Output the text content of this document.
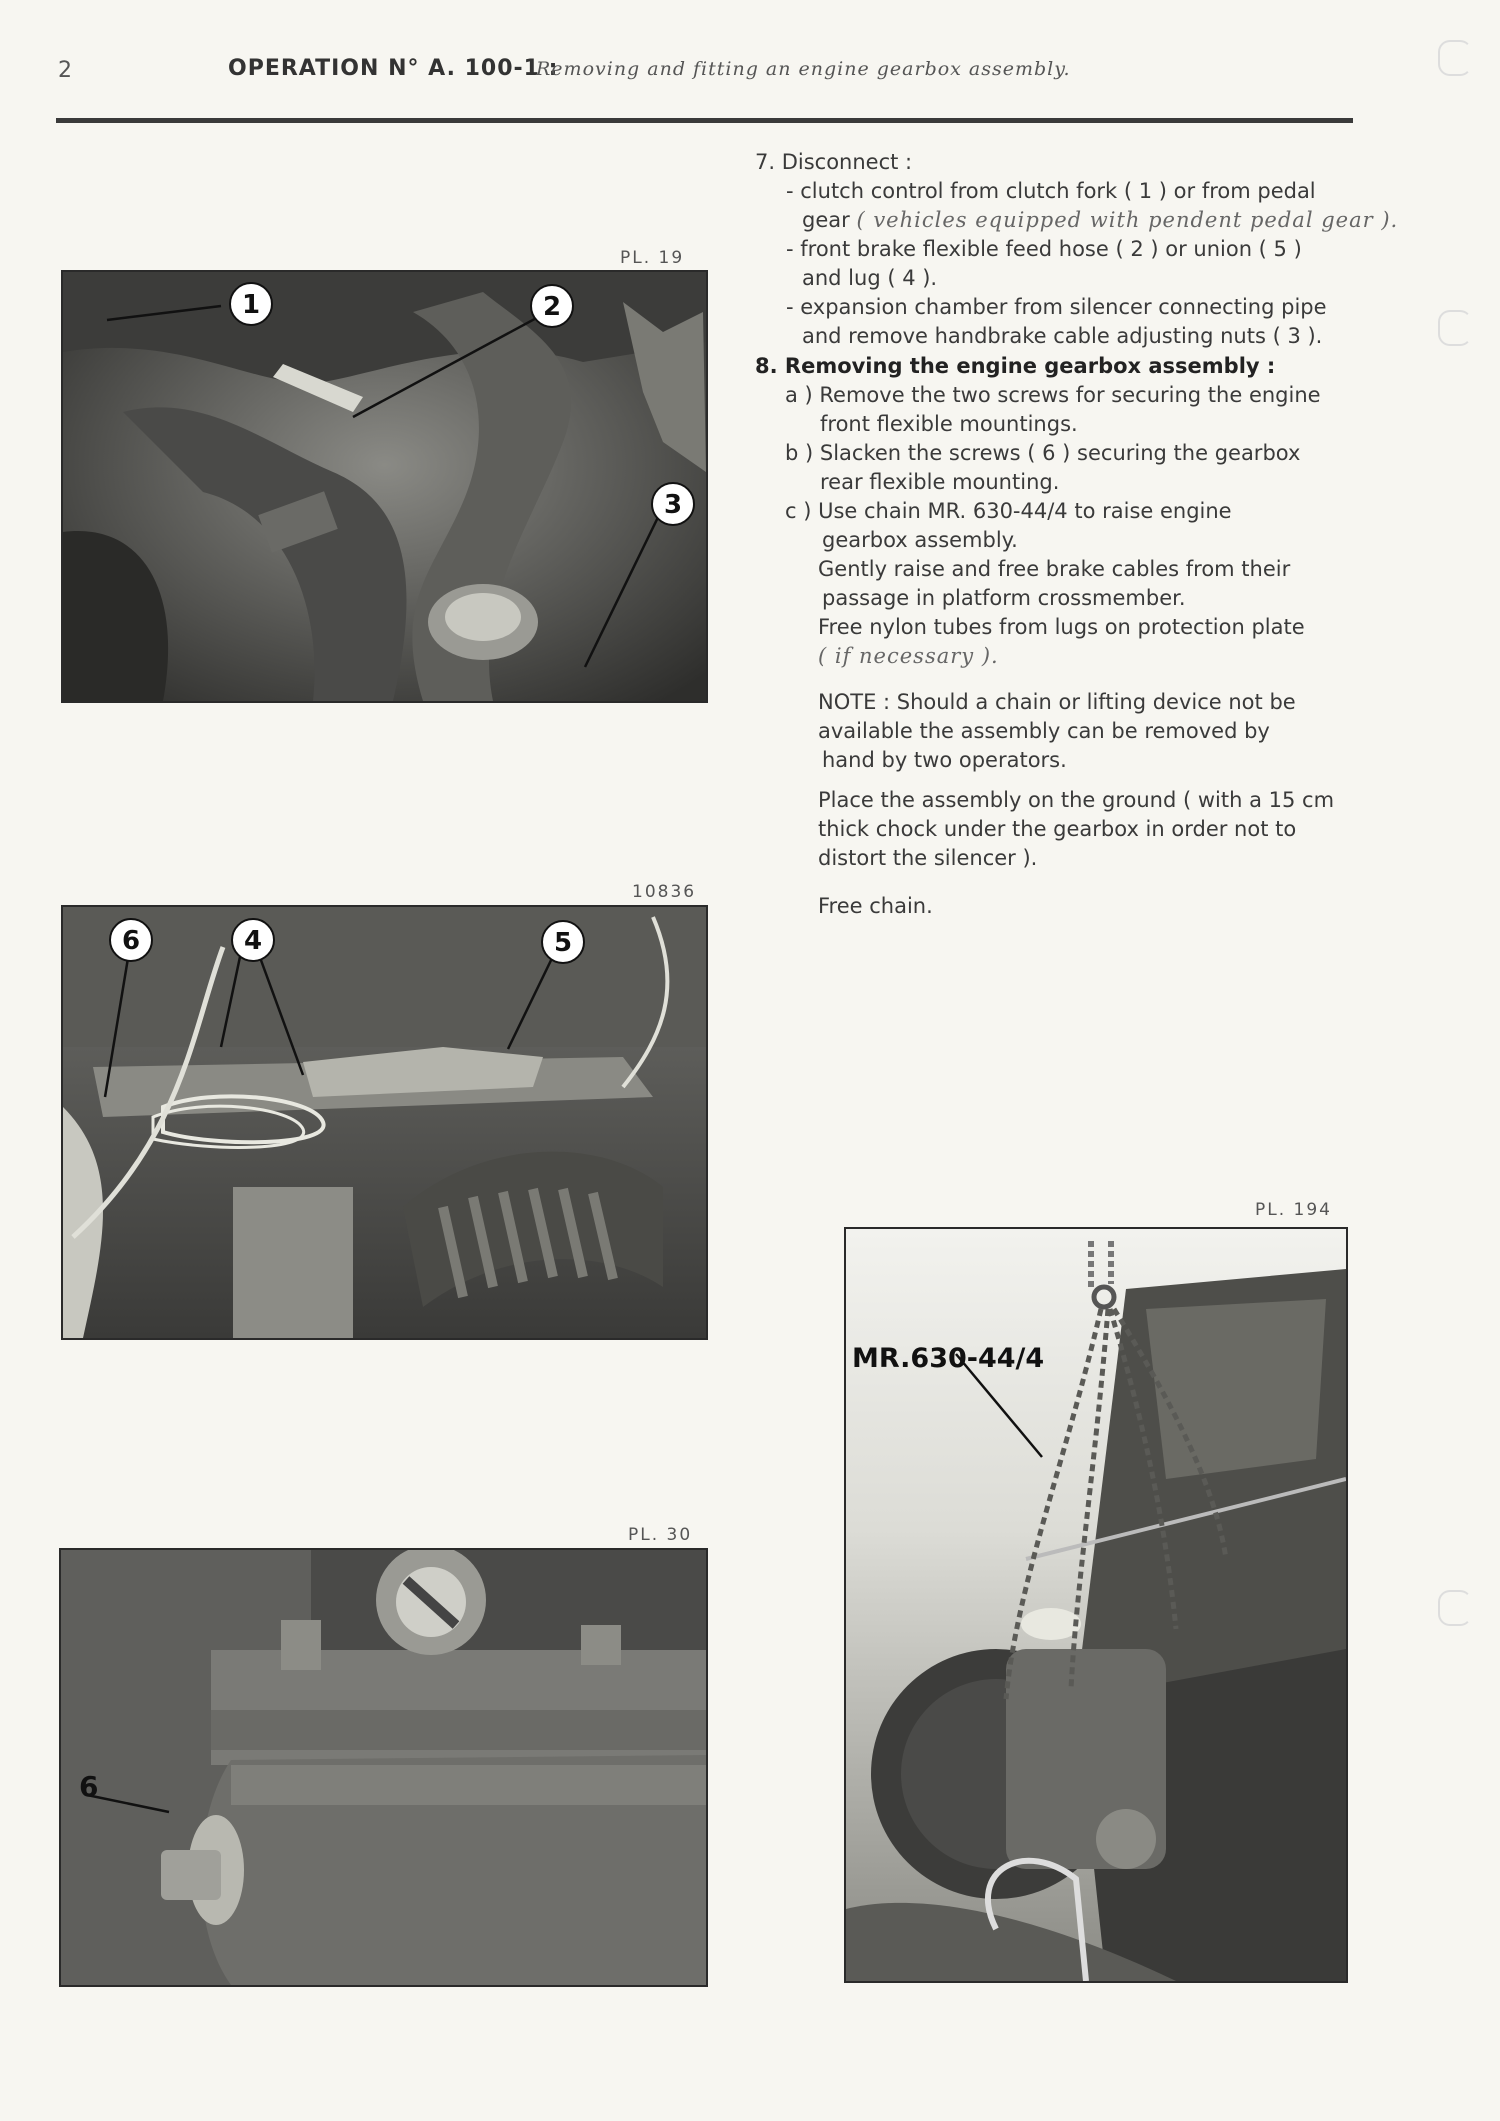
2	OPERATION N° A. 100-1 :
Removing and fitting an engine gearbox assembly.
7. Disconnect :
- clutch control from clutch fork ( 1 ) or from pedal
gear ( vehicles equipped with pendent pedal gear ).
- front brake flexible feed hose ( 2 ) or union ( 5 )
and lug ( 4 ).
- expansion chamber from silencer connecting pipe
and remove handbrake cable adjusting nuts ( 3 ).
8. Removing the engine gearbox assembly :
a ) Remove the two screws for securing the engine
front flexible mountings.
b ) Slacken the screws ( 6 ) securing the gearbox
rear flexible mounting.
c ) Use chain MR. 630-44/4 to raise engine
gearbox assembly.
Gently raise and free brake cables from their
passage in platform crossmember.
Free nylon tubes from lugs on protection plate
( if necessary ).
NOTE : Should a chain or lifting device not be
available the assembly can be removed by
hand by two operators.
Place the assembly on the ground ( with a 15 cm
thick chock under the gearbox in order not to
distort the silencer ).
Free chain.
PL. 19
1	2
3
10836
6	4	5
PL. 30
6
PL. 194
MR.630-44/4
